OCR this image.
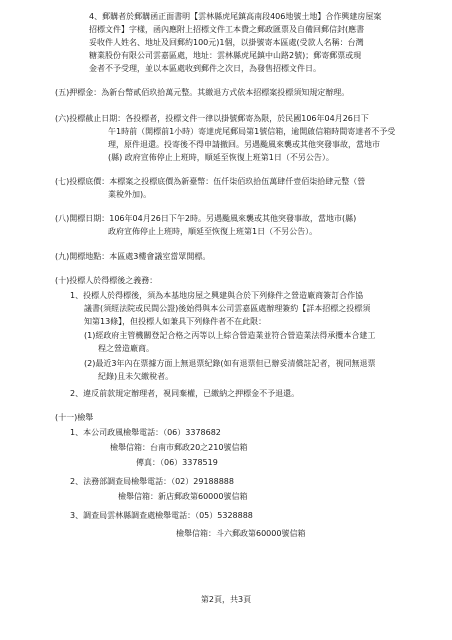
4、郵購者於郵購函正面書明【雲林縣虎尾鎮高南段406地號土地】合作興建房屋案
招標文件】字樣，函內應附上招標文件工本費之郵政匯票及自備回郵信封(應書
妥收件人姓名、地址及回郵約100元)1個，以掛號寄本區處(受款人名稱：台灣
糖業股份有限公司雲嘉區處，地址：雲林縣虎尾鎮中山路2號)；郵寄郵票或現
金者不予受理，並以本區處收到郵件之次日，為發售招標文件日。
(五)押標金：為新台幣貳佰玖拾萬元整。其繳退方式依本招標案投標須知規定辦理。
(六)投標截止日期：各投標者，投標文件一律以掛號郵寄為限，於民國106年04月26日下
午1時前（開標前1小時）寄達虎尾郵局第1號信箱，逾開啟信箱時間寄達者不予受
理，原件退還。投寄後不得申請撤回。另遇颱風來襲或其他突發事故，當地市
(縣) 政府宣佈停止上班時，順延至恢復上班第1日（不另公告）。
(七)投標底價：本標案之投標底價為新臺幣：伍仟柒佰玖拾伍萬肆仟壹佰柒拾肆元整（營
業稅外加)。
(八)開標日期：106年04月26日下午2時。另遇颱風來襲或其他突發事故，當地市(縣)
政府宣佈停止上班時，順延至恢復上班第1日（不另公告）。
(九)開標地點：本區處3樓會議室當眾開標。
(十)投標人於得標後之義務：
1、投標人於得標後，須為本基地房屋之興建與合於下列條件之營造廠商簽訂合作協
議書(須經法院或民間公證)後始得與本公司雲嘉區處辦理簽約【詳本招標之投標須
知第13條】，但投標人如兼具下列條件者不在此限：
(1)經政府主管機關登記合格之丙等以上綜合營造業並符合營造業法得承攬本合建工
程之營造廠商。
(2)最近3年內在票據方面上無退票紀錄(如有退票但已辦妥清償註記者，視同無退票
紀錄)且未欠繳稅者。
2、違反前款規定辦理者，視同棄權，已繳納之押標金不予退還。
(十一)檢舉
1、本公司政風檢舉電話：（06）3378682
檢舉信箱：台南市郵政20之210號信箱
傳真：（06）3378519
2、法務部調查局檢舉電話：（02）29188888
檢舉信箱：新店郵政第60000號信箱
3、調查局雲林縣調查處檢舉電話：（05）5328888
檢舉信箱：斗六郵政第60000號信箱
第2頁，共3頁
